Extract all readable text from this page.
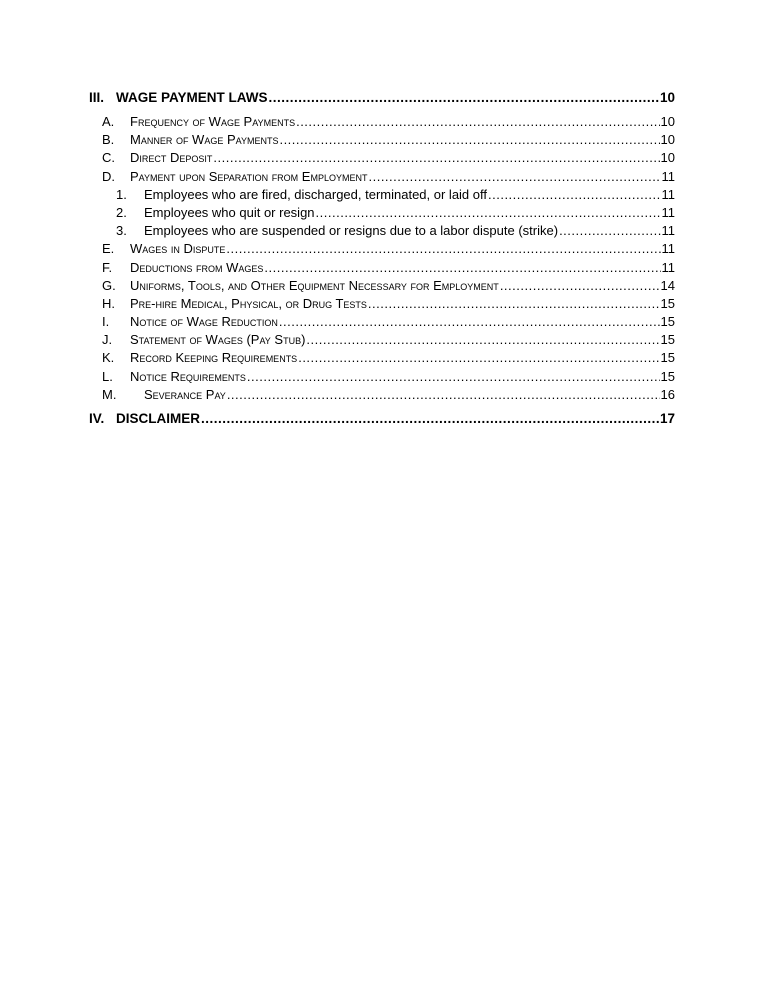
III. WAGE PAYMENT LAWS .....	10
A.	Frequency of Wage Payments .....	10
B.	Manner of Wage Payments .....	10
C.	Direct Deposit .....	10
D.	Payment upon Separation from Employment .....	11
1.	Employees who are fired, discharged, terminated, or laid off .....	11
2.	Employees who quit or resign .....	11
3.	Employees who are suspended or resigns due to a labor dispute (strike) .....	11
E.	Wages in Dispute .....	11
F.	Deductions from Wages .....	11
G.	Uniforms, Tools, and Other Equipment Necessary for Employment .....	14
H.	Pre-hire Medical, Physical, or Drug Tests .....	15
I.	Notice of Wage Reduction .....	15
J.	Statement of Wages (Pay Stub) .....	15
K.	Record Keeping Requirements .....	15
L.	Notice Requirements .....	15
M.	Severance Pay .....	16
IV. DISCLAIMER .....	17
